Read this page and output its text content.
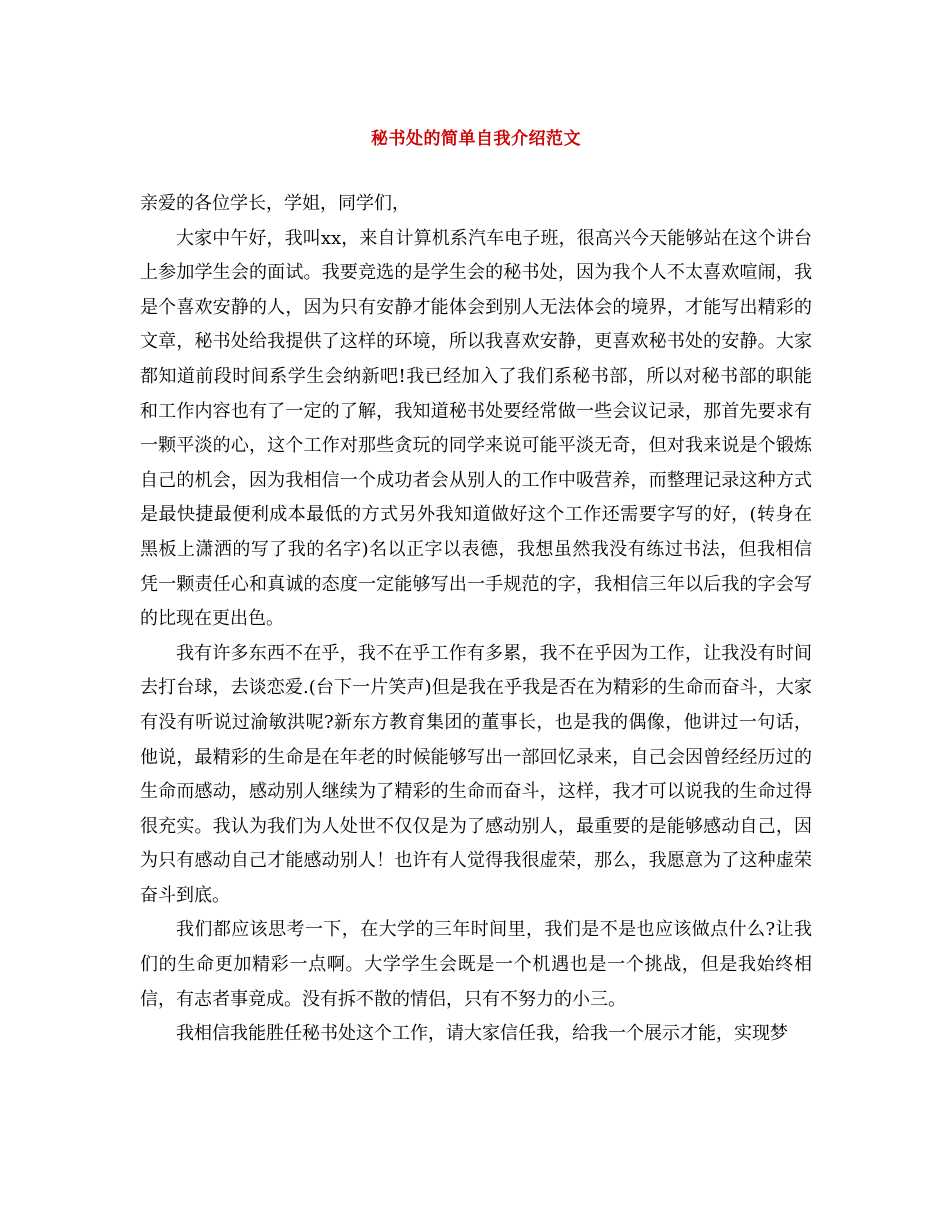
秘书处的简单自我介绍范文

亲爱的各位学长，学姐，同学们，

大家中午好，我叫xx，来自计算机系汽车电子班，很高兴今天能够站在这个讲台上参加学生会的面试。我要竞选的是学生会的秘书处，因为我个人不太喜欢喧闹，我是个喜欢安静的人，因为只有安静才能体会到别人无法体会的境界，才能写出精彩的文章，秘书处给我提供了这样的环境，所以我喜欢安静，更喜欢秘书处的安静。大家都知道前段时间系学生会纳新吧!我已经加入了我们系秘书部，所以对秘书部的职能和工作内容也有了一定的了解，我知道秘书处要经常做一些会议记录，那首先要求有一颗平淡的心，这个工作对那些贪玩的同学来说可能平淡无奇，但对我来说是个锻炼自己的机会，因为我相信一个成功者会从别人的工作中吸营养，而整理记录这种方式是最快捷最便利成本最低的方式另外我知道做好这个工作还需要字写的好，(转身在黑板上潇洒的写了我的名字)名以正字以表德，我想虽然我没有练过书法，但我相信凭一颗责任心和真诚的态度一定能够写出一手规范的字，我相信三年以后我的字会写的比现在更出色。

我有许多东西不在乎，我不在乎工作有多累，我不在乎因为工作，让我没有时间去打台球，去谈恋爱.(台下一片笑声)但是我在乎我是否在为精彩的生命而奋斗，大家有没有听说过渝敏洪呢?新东方教育集团的董事长，也是我的偶像，他讲过一句话，他说，最精彩的生命是在年老的时候能够写出一部回忆录来，自己会因曾经经历过的生命而感动，感动别人继续为了精彩的生命而奋斗，这样，我才可以说我的生命过得很充实。我认为我们为人处世不仅仅是为了感动别人，最重要的是能够感动自己，因为只有感动自己才能感动别人！也许有人觉得我很虚荣，那么，我愿意为了这种虚荣奋斗到底。

我们都应该思考一下，在大学的三年时间里，我们是不是也应该做点什么?让我们的生命更加精彩一点啊。大学学生会既是一个机遇也是一个挑战，但是我始终相信，有志者事竟成。没有拆不散的情侣，只有不努力的小三。

我相信我能胜任秘书处这个工作，请大家信任我，给我一个展示才能，实现梦
